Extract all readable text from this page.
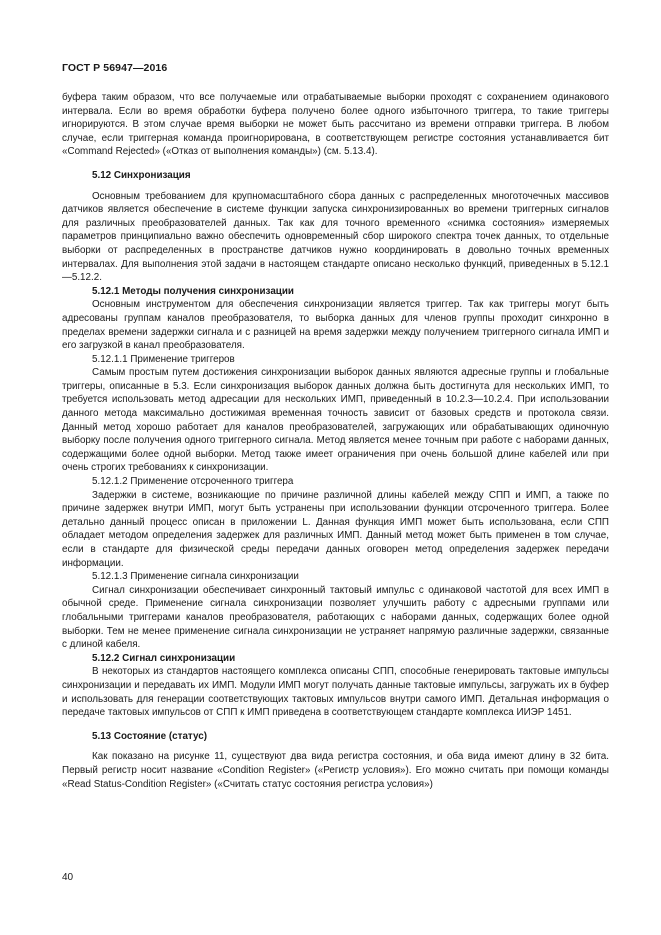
ГОСТ Р 56947—2016

буфера таким образом, что все получаемые или отрабатываемые выборки проходят с сохранением одинакового интервала. Если во время обработки буфера получено более одного избыточного триггера, то такие триггеры игнорируются. В этом случае время выборки не может быть рассчитано из времени отправки триггера. В любом случае, если триггерная команда проигнорирована, в соответствующем регистре состояния устанавливается бит «Command Rejected» («Отказ от выполнения команды») (см. 5.13.4).

5.12 Синхронизация

Основным требованием для крупномасштабного сбора данных с распределенных многоточечных массивов датчиков является обеспечение в системе функции запуска синхронизированных во времени триггерных сигналов для различных преобразователей данных. Так как для точного временного «снимка состояния» измеряемых параметров принципиально важно обеспечить одновременный сбор широкого спектра точек данных, то отдельные выборки от распределенных в пространстве датчиков нужно координировать в довольно точных временных интервалах. Для выполнения этой задачи в настоящем стандарте описано несколько функций, приведенных в 5.12.1—5.12.2.

5.12.1 Методы получения синхронизации

Основным инструментом для обеспечения синхронизации является триггер. Так как триггеры могут быть адресованы группам каналов преобразователя, то выборка данных для членов группы проходит синхронно в пределах времени задержки сигнала и с разницей на время задержки между получением триггерного сигнала ИМП и его загрузкой в канал преобразователя.

5.12.1.1 Применение триггеров

Самым простым путем достижения синхронизации выборок данных являются адресные группы и глобальные триггеры, описанные в 5.3. Если синхронизация выборок данных должна быть достигнута для нескольких ИМП, то требуется использовать метод адресации для нескольких ИМП, приведенный в 10.2.3—10.2.4. При использовании данного метода максимально достижимая временная точность зависит от базовых средств и протокола связи. Данный метод хорошо работает для каналов преобразователей, загружающих или обрабатывающих одиночную выборку после получения одного триггерного сигнала. Метод является менее точным при работе с наборами данных, содержащими более одной выборки. Метод также имеет ограничения при очень большой длине кабелей или при очень строгих требованиях к синхронизации.

5.12.1.2 Применение отсроченного триггера

Задержки в системе, возникающие по причине различной длины кабелей между СПП и ИМП, а также по причине задержек внутри ИМП, могут быть устранены при использовании функции отсроченного триггера. Более детально данный процесс описан в приложении L. Данная функция ИМП может быть использована, если СПП обладает методом определения задержек для различных ИМП. Данный метод может быть применен в том случае, если в стандарте для физической среды передачи данных оговорен метод определения задержек передачи информации.

5.12.1.3 Применение сигнала синхронизации

Сигнал синхронизации обеспечивает синхронный тактовый импульс с одинаковой частотой для всех ИМП в обычной среде. Применение сигнала синхронизации позволяет улучшить работу с адресными группами или глобальными триггерами каналов преобразователя, работающих с наборами данных, содержащих более одной выборки. Тем не менее применение сигнала синхронизации не устраняет напрямую различные задержки, связанные с длиной кабеля.

5.12.2 Сигнал синхронизации

В некоторых из стандартов настоящего комплекса описаны СПП, способные генерировать тактовые импульсы синхронизации и передавать их ИМП. Модули ИМП могут получать данные тактовые импульсы, загружать их в буфер и использовать для генерации соответствующих тактовых импульсов внутри самого ИМП. Детальная информация о передаче тактовых импульсов от СПП к ИМП приведена в соответствующем стандарте комплекса ИИЭР 1451.

5.13 Состояние (статус)

Как показано на рисунке 11, существуют два вида регистра состояния, и оба вида имеют длину в 32 бита. Первый регистр носит название «Condition Register» («Регистр условия»). Его можно считать при помощи команды «Read Status-Condition Register» («Считать статус состояния регистра условия»)

40
